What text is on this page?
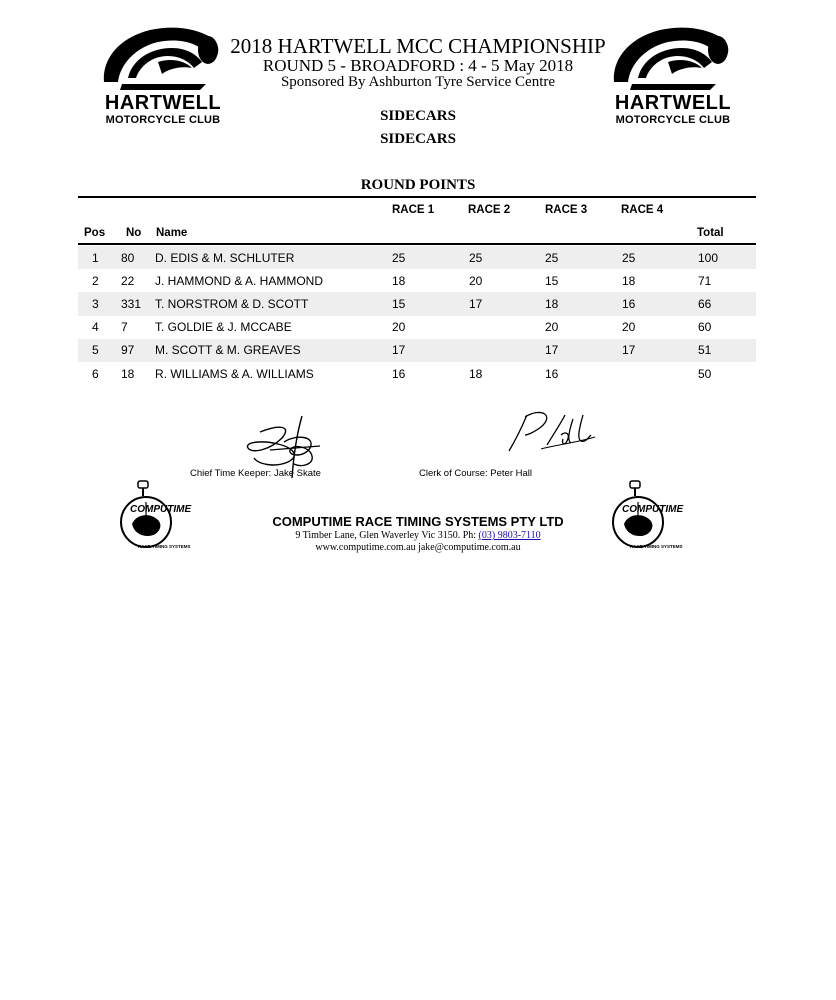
HARTWELL
MOTORCYCLE CLUB
HARTWELL
MOTORCYCLE CLUB
2018 HARTWELL MCC CHAMPIONSHIP
ROUND 5 - BROADFORD : 4 - 5 May 2018
Sponsored By Ashburton Tyre Service Centre
SIDECARS
SIDECARS
ROUND POINTS
RACE 1	RACE 2	RACE 3	RACE 4
Pos No Name	Total
1	80	D. EDIS & M. SCHLUTER	25	25	25	25	100
2	22	J. HAMMOND & A. HAMMOND	18	20	15	18	71
3	331	T. NORSTROM & D. SCOTT	15	17	18	16	66
4	7	T. GOLDIE & J. MCCABE	20		20	20	60
5	97	M. SCOTT & M. GREAVES	17		17	17	51
6	18	R. WILLIAMS & A. WILLIAMS	16	18	16		50
Chief Time Keeper: Jake Skate	Clerk of Course: Peter Hall
COMPUTIME
RACE TIMING SYSTEMS
COMPUTIME
RACE TIMING SYSTEMS
COMPUTIME RACE TIMING SYSTEMS PTY LTD
9 Timber Lane, Glen Waverley Vic 3150. Ph: (03) 9803-7110
www.computime.com.au jake@computime.com.au
